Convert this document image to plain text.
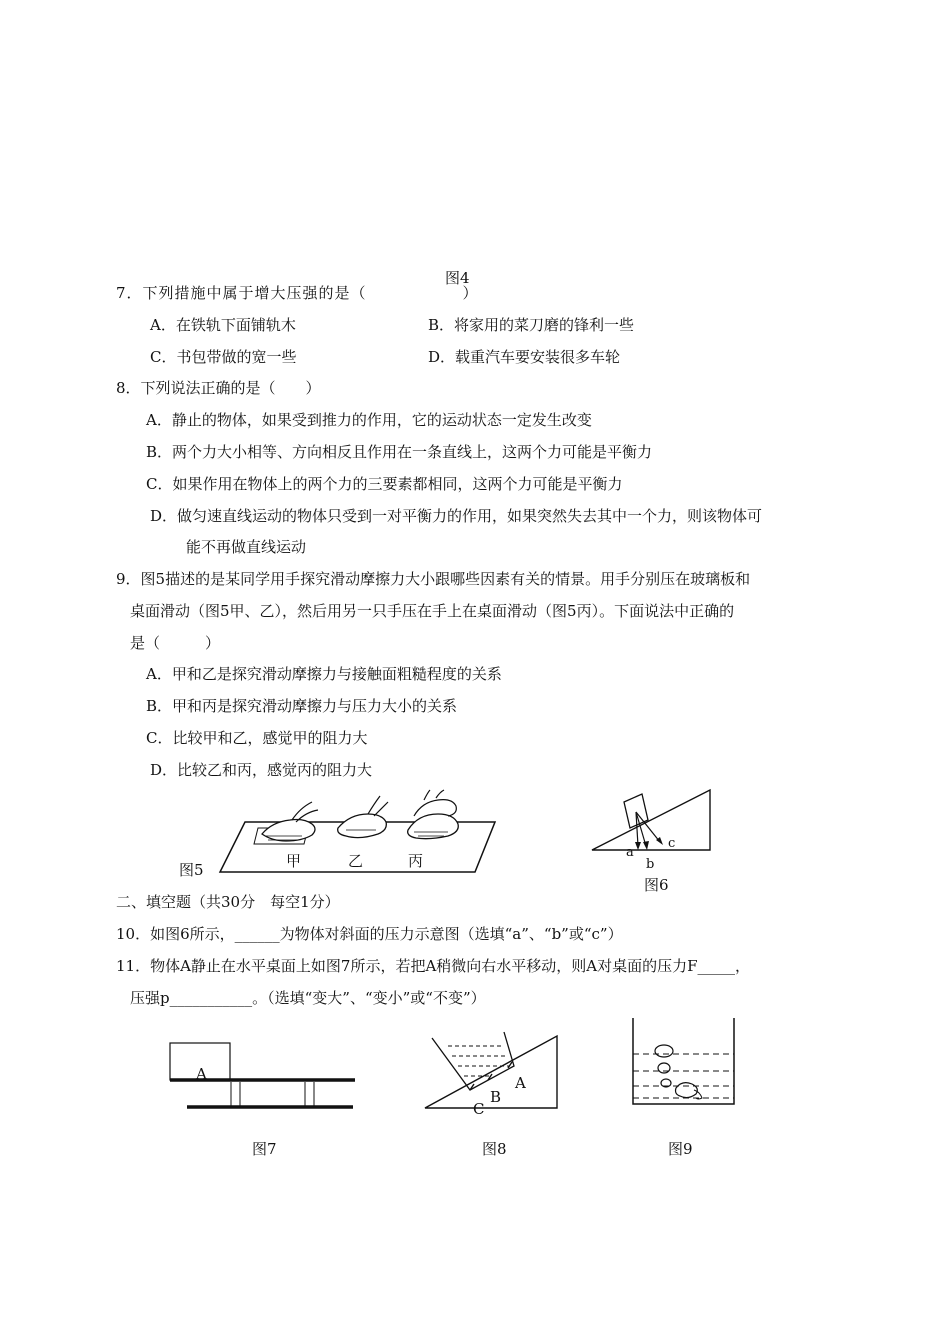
图4
7．下列措施中属于增大压强的是（　　　　　　）
A．在铁轨下面铺轨木	B．将家用的菜刀磨的锋利一些
C．书包带做的宽一些	D．载重汽车要安装很多车轮
8．下列说法正确的是（　　）
A．静止的物体，如果受到推力的作用，它的运动状态一定发生改变
B．两个力大小相等、方向相反且作用在一条直线上，这两个力可能是平衡力
C．如果作用在物体上的两个力的三要素都相同，这两个力可能是平衡力
D．做匀速直线运动的物体只受到一对平衡力的作用，如果突然失去其中一个力，则该物体可
能不再做直线运动
9．图5描述的是某同学用手探究滑动摩擦力大小跟哪些因素有关的情景。用手分别压在玻璃板和
桌面滑动（图5甲、乙），然后用另一只手压在手上在桌面滑动（图5丙）。下面说法中正确的
是（　　　）
A．甲和乙是探究滑动摩擦力与接触面粗糙程度的关系
B．甲和丙是探究滑动摩擦力与压力大小的关系
C．比较甲和乙，感觉甲的阻力大
D．比较乙和丙，感觉丙的阻力大
甲	乙	丙
图5
a
b
c
图6
二、填空题（共30分　每空1分）
10．如图6所示，______为物体对斜面的压力示意图（选填“a”、“b”或“c”）
11．物体A静止在水平桌面上如图7所示，若把A稍微向右水平移动，则A对桌面的压力F_____，
压强p___________。（选填“变大”、“变小”或“不变”）
A
图7
A
B
C
图8	图9
